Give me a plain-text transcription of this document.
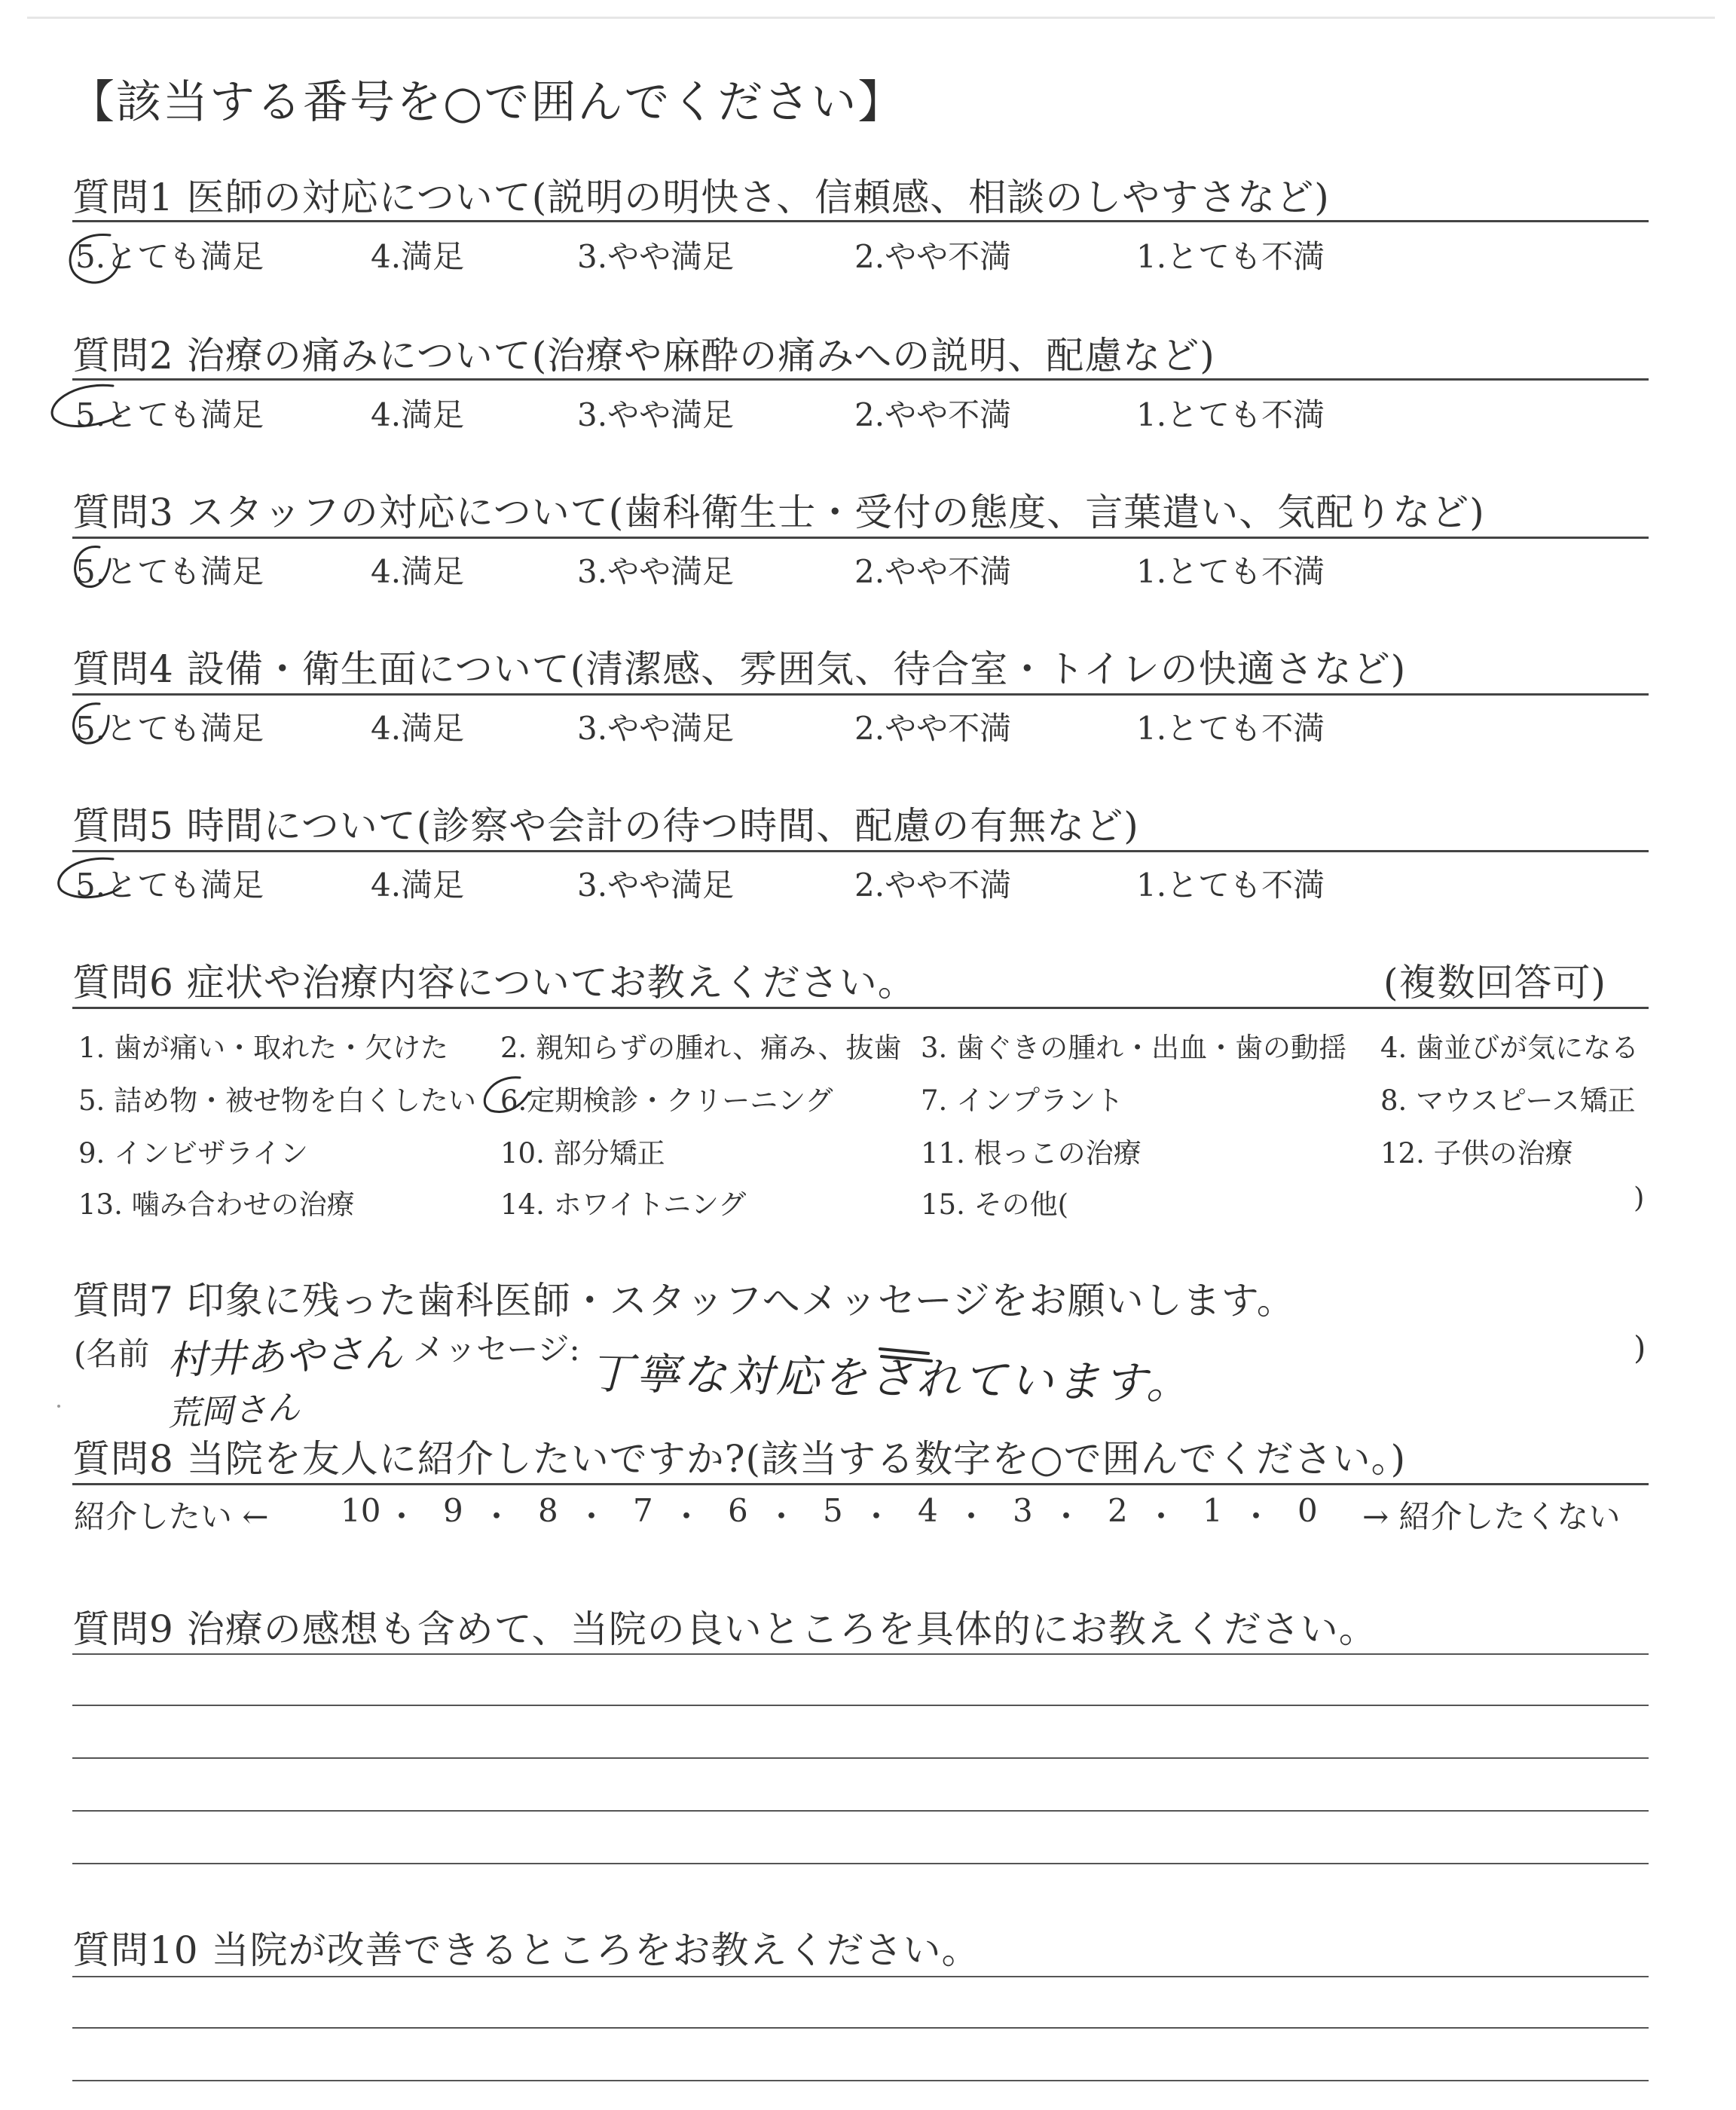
【該当する番号を○で囲んでください】
質問1 医師の対応について(説明の明快さ、信頼感、相談のしやすさなど)
5.とても満足	4.満足	3.やや満足	2.やや不満	1.とても不満
質問2 治療の痛みについて(治療や麻酔の痛みへの説明、配慮など)
5.とても満足	4.満足	3.やや満足	2.やや不満	1.とても不満
質問3 スタッフの対応について(歯科衛生士・受付の態度、言葉遣い、気配りなど)
5.とても満足	4.満足	3.やや満足	2.やや不満	1.とても不満
質問4 設備・衛生面について(清潔感、雰囲気、待合室・トイレの快適さなど)
5.とても満足	4.満足	3.やや満足	2.やや不満	1.とても不満
質問5 時間について(診察や会計の待つ時間、配慮の有無など)
5.とても満足	4.満足	3.やや満足	2.やや不満	1.とても不満
質問6 症状や治療内容についてお教えください。	(複数回答可)
1. 歯が痛い・取れた・欠けた 2. 親知らずの腫れ、痛み、抜歯 3. 歯ぐきの腫れ・出血・歯の動揺 4. 歯並びが気になる
5. 詰め物・被せ物を白くしたい 6.定期検診・クリーニング	7. インプラント	8. マウスピース矯正
9. インビザライン	10. 部分矯正	11. 根っこの治療	12. 子供の治療
13. 噛み合わせの治療	14. ホワイトニング	15. その他(	)
質問7 印象に残った歯科医師・スタッフへメッセージをお願いします。
(名前 村井あやさん メッセージ: 丁寧な対応をされています。	)
荒岡さん
質問8 当院を友人に紹介したいですか?(該当する数字を○で囲んでください。)
紹介したい ←	→ 紹介したくない
10 ・ 9 ・ 8 ・ 7 ・ 6 ・ 5 ・ 4 ・ 3 ・ 2 ・ 1 ・ 0
質問9 治療の感想も含めて、当院の良いところを具体的にお教えください。
質問10 当院が改善できるところをお教えください。
